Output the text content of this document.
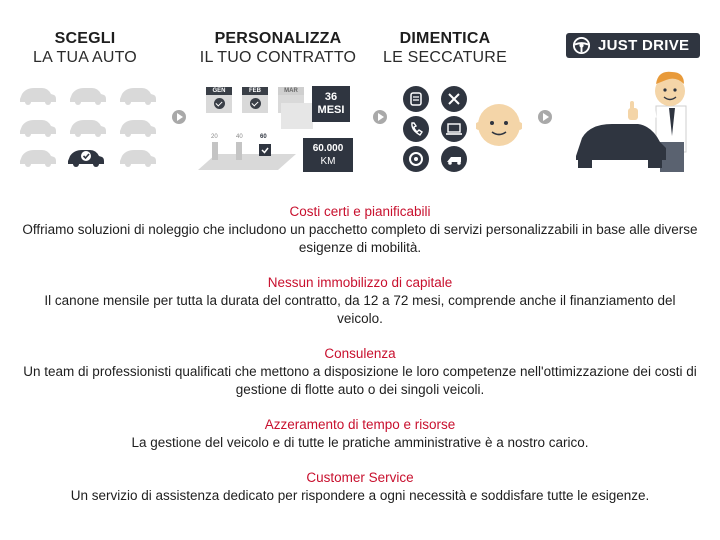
SCEGLI
LA TUA AUTO
PERSONALIZZA
IL TUO CONTRATTO
DIMENTICA
LE SECCATURE
JUST DRIVE
GEN	FEB	MAR	36
MESI
20	40	60
60.000
KM
Costi certi e pianificabili
Offriamo soluzioni di noleggio che includono un pacchetto completo di servizi personalizzabili in base alle diverse esigenze di mobilità.
Nessun immobilizzo di capitale
Il canone mensile per tutta la durata del contratto, da 12 a 72 mesi, comprende anche il finanziamento del veicolo.
Consulenza
Un team di professionisti qualificati che mettono a disposizione le loro competenze nell'ottimizzazione dei costi di gestione di flotte auto o dei singoli veicoli.
Azzeramento di tempo e risorse
La gestione del veicolo e di tutte le pratiche amministrative è a nostro carico.
Customer Service
Un servizio di assistenza dedicato per rispondere a ogni necessità e soddisfare tutte le esigenze.
